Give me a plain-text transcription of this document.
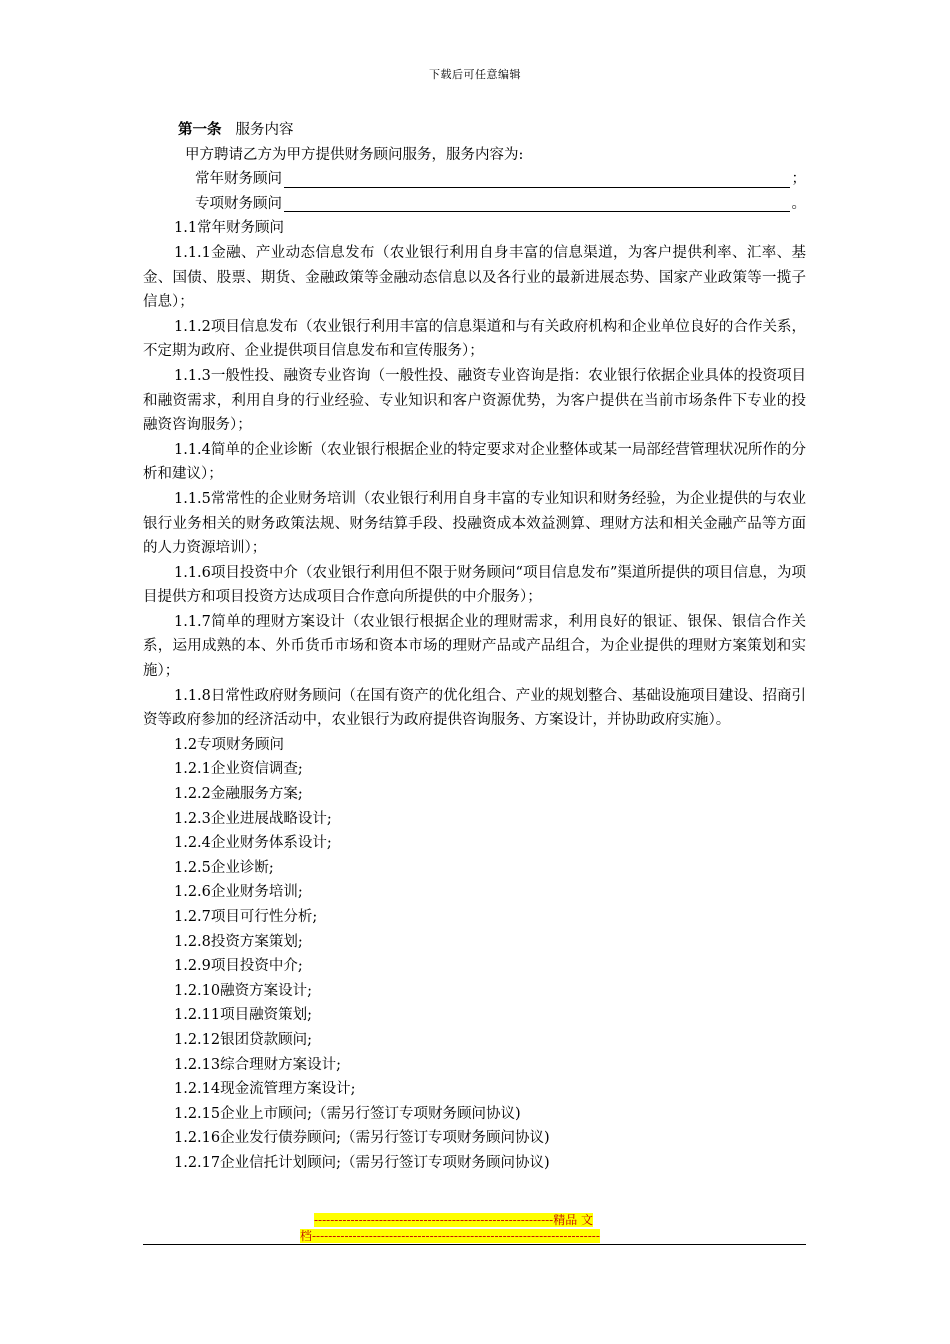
下载后可任意编辑

第一条 服务内容

甲方聘请乙方为甲方提供财务顾问服务，服务内容为:

常年财务顾问	；
专项财务顾问	。

1.1常年财务顾问

1.1.1金融、产业动态信息发布（农业银行利用自身丰富的信息渠道，为客户提供利率、汇率、基金、国债、股票、期货、金融政策等金融动态信息以及各行业的最新进展态势、国家产业政策等一揽子信息）；

1.1.2项目信息发布（农业银行利用丰富的信息渠道和与有关政府机构和企业单位良好的合作关系，不定期为政府、企业提供项目信息发布和宣传服务）；

1.1.3一般性投、融资专业咨询（一般性投、融资专业咨询是指：农业银行依据企业具体的投资项目和融资需求，利用自身的行业经验、专业知识和客户资源优势，为客户提供在当前市场条件下专业的投融资咨询服务）；

1.1.4简单的企业诊断（农业银行根据企业的特定要求对企业整体或某一局部经营管理状况所作的分析和建议）；

1.1.5常常性的企业财务培训（农业银行利用自身丰富的专业知识和财务经验，为企业提供的与农业银行业务相关的财务政策法规、财务结算手段、投融资成本效益测算、理财方法和相关金融产品等方面的人力资源培训）；

1.1.6项目投资中介（农业银行利用但不限于财务顾问“项目信息发布”渠道所提供的项目信息，为项目提供方和项目投资方达成项目合作意向所提供的中介服务）；

1.1.7简单的理财方案设计（农业银行根据企业的理财需求，利用良好的银证、银保、银信合作关系，运用成熟的本、外币货币市场和资本市场的理财产品或产品组合，为企业提供的理财方案策划和实施）；

1.1.8日常性政府财务顾问（在国有资产的优化组合、产业的规划整合、基础设施项目建设、招商引资等政府参加的经济活动中，农业银行为政府提供咨询服务、方案设计，并协助政府实施）。

1.2专项财务顾问

1.2.1企业资信调查;

1.2.2金融服务方案;

1.2.3企业进展战略设计;

1.2.4企业财务体系设计;

1.2.5企业诊断;

1.2.6企业财务培训;

1.2.7项目可行性分析;

1.2.8投资方案策划;

1.2.9项目投资中介;

1.2.10融资方案设计;

1.2.11项目融资策划;

1.2.12银团贷款顾问;

1.2.13综合理财方案设计;

1.2.14现金流管理方案设计;

1.2.15企业上市顾问;（需另行签订专项财务顾问协议)

1.2.16企业发行债券顾问;（需另行签订专项财务顾问协议)

1.2.17企业信托计划顾问;（需另行签订专项财务顾问协议)

-----------------------------------------------------------精品 文
档-----------------------------------------------------------------------
